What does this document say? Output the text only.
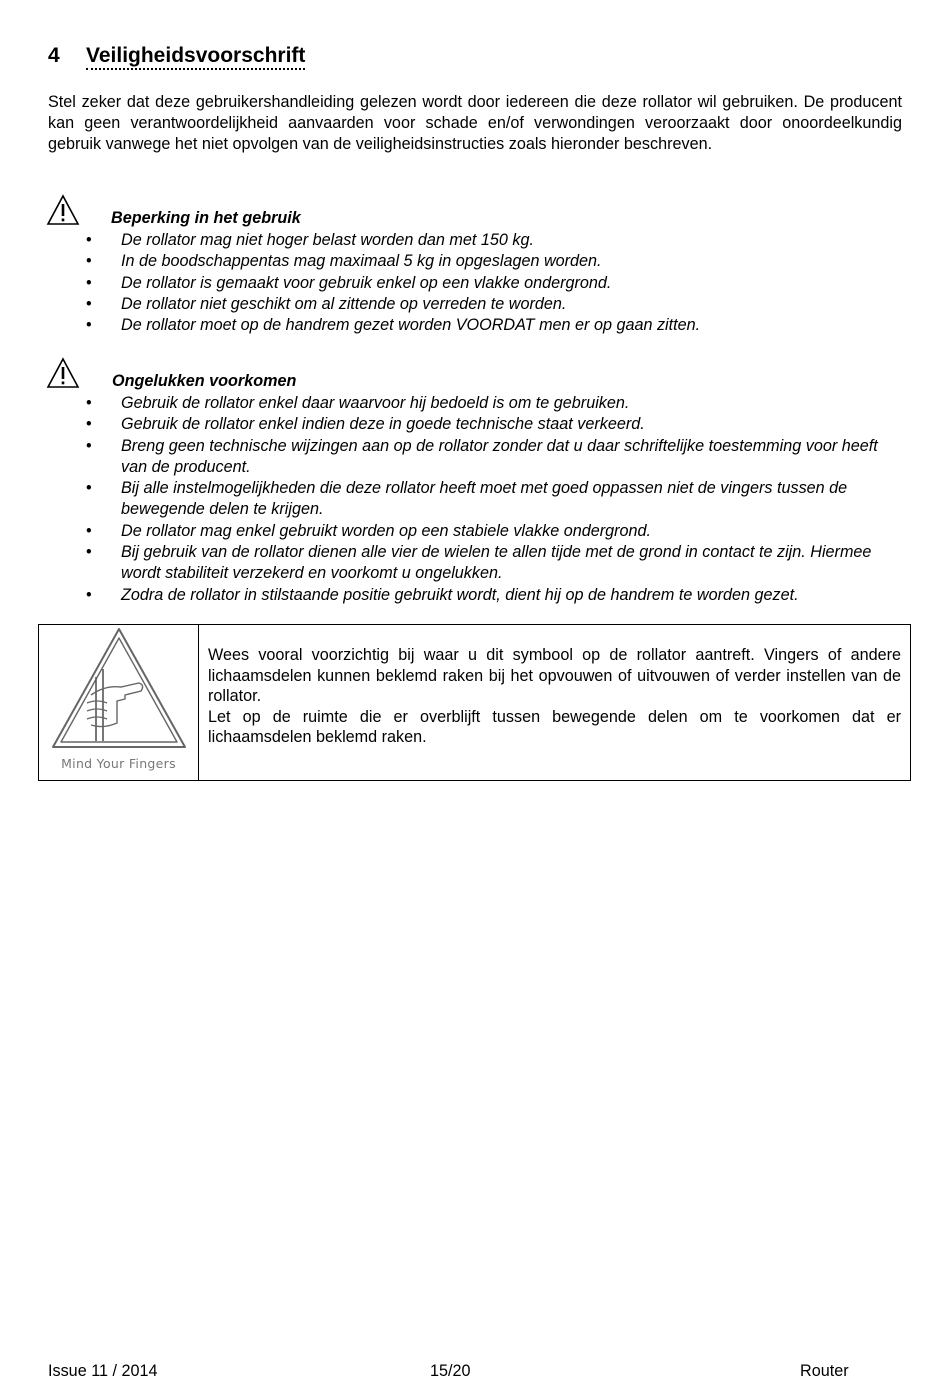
4 Veiligheidsvoorschrift
Stel zeker dat deze gebruikershandleiding gelezen wordt door iedereen die deze rollator wil gebruiken. De producent kan geen verantwoordelijkheid aanvaarden voor schade en/of verwondingen veroorzaakt door onoordeelkundig gebruik vanwege het niet opvolgen van de veiligheidsinstructies zoals hieronder beschreven.
Beperking in het gebruik
• De rollator mag niet hoger belast worden dan met 150 kg.
• In de boodschappentas mag maximaal 5 kg in opgeslagen worden.
• De rollator is gemaakt voor gebruik enkel op een vlakke ondergrond.
• De rollator niet geschikt om al zittende op verreden te worden.
• De rollator moet op de handrem gezet worden VOORDAT men er op gaan zitten.
Ongelukken voorkomen
• Gebruik de rollator enkel daar waarvoor hij bedoeld is om te gebruiken.
• Gebruik de rollator enkel indien deze in goede technische staat verkeerd.
• Breng geen technische wijzingen aan op de rollator zonder dat u daar schriftelijke toestemming voor heeft van de producent.
• Bij alle instelmogelijkheden die deze rollator heeft moet met goed oppassen niet de vingers tussen de bewegende delen te krijgen.
• De rollator mag enkel gebruikt worden op een stabiele vlakke ondergrond.
• Bij gebruik van de rollator dienen alle vier de wielen te allen tijde met de grond in contact te zijn. Hiermee wordt stabiliteit verzekerd en voorkomt u ongelukken.
• Zodra de rollator in stilstaande positie gebruikt wordt, dient hij op de handrem te worden gezet.
Mind Your Fingers

Wees vooral voorzichtig bij waar u dit symbool op de rollator aantreft. Vingers of andere lichaamsdelen kunnen beklemd raken bij het opvouwen of uitvouwen of verder instellen van de rollator.

Let op de ruimte die er overblijft tussen bewegende delen om te voorkomen dat er lichaamsdelen beklemd raken.

Issue 11 / 2014	15/20	Router
